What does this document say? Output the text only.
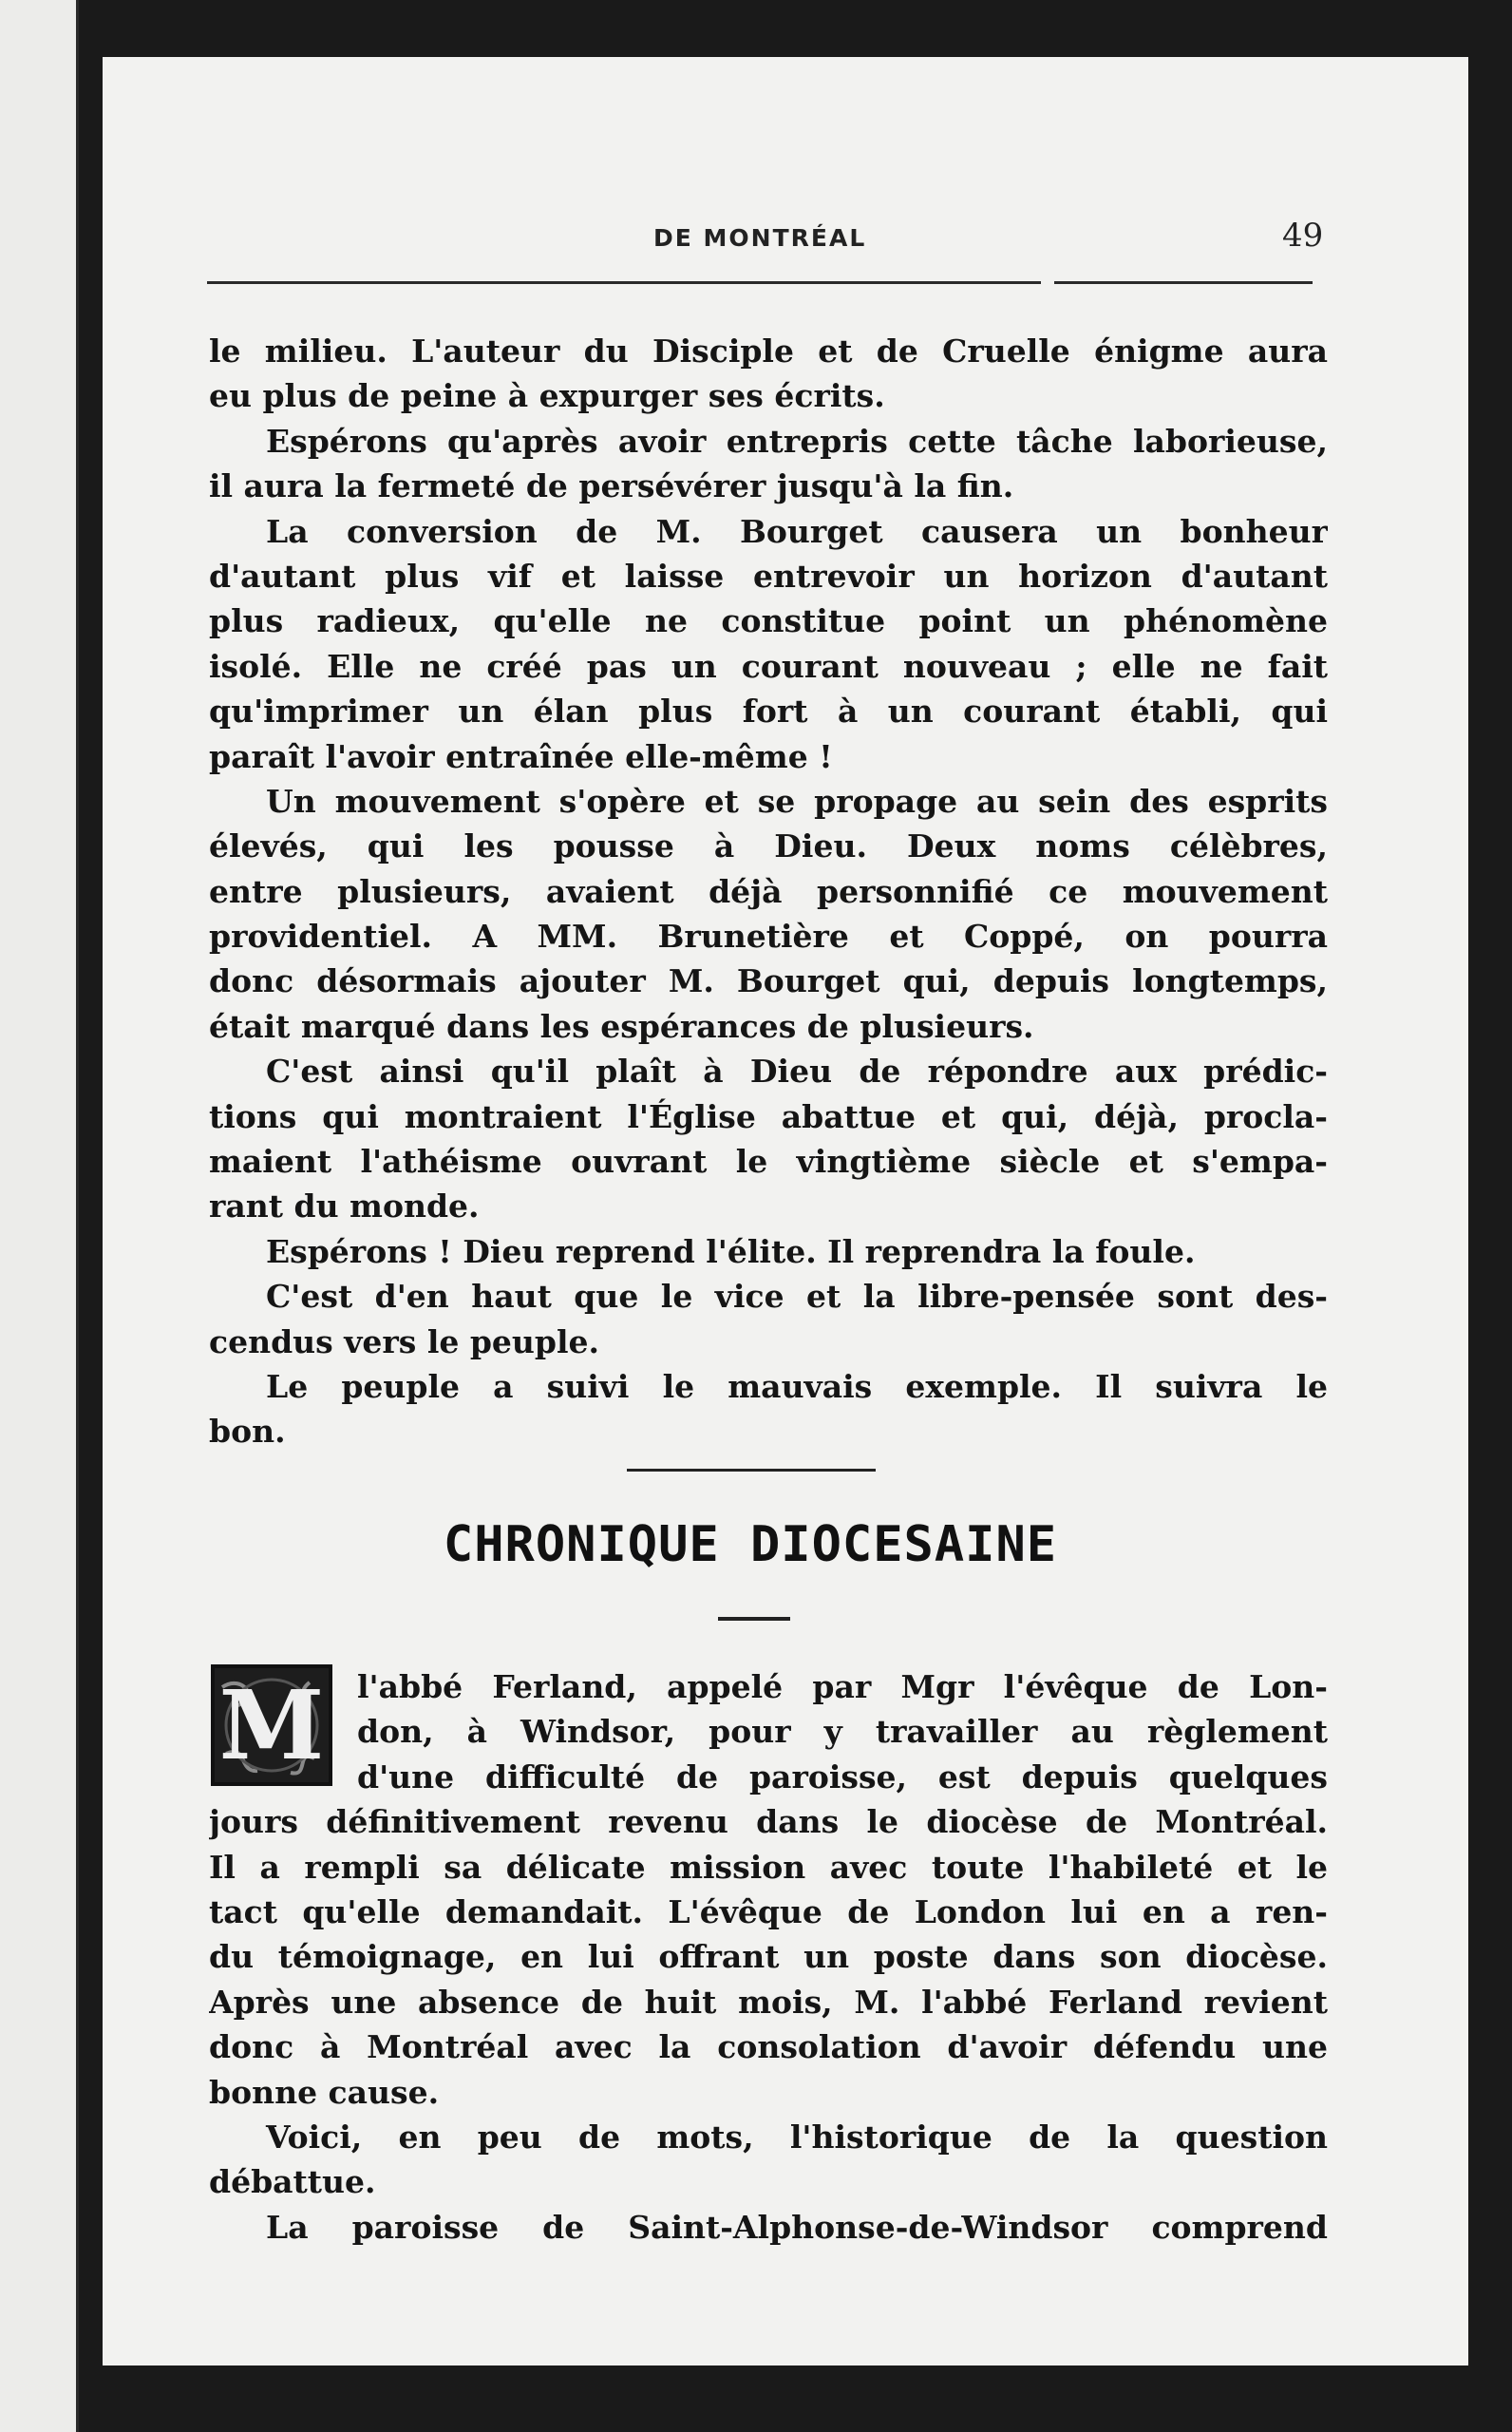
DE MONTRÉAL	49
le milieu. L'auteur du Disciple et de Cruelle énigme aura
eu plus de peine à expurger ses écrits.
Espérons qu'après avoir entrepris cette tâche laborieuse,
il aura la fermeté de persévérer jusqu'à la fin.
La conversion de M. Bourget causera un bonheur
d'autant plus vif et laisse entrevoir un horizon d'autant
plus radieux, qu'elle ne constitue point un phénomène
isolé. Elle ne créé pas un courant nouveau ; elle ne fait
qu'imprimer un élan plus fort à un courant établi, qui
paraît l'avoir entraînée elle-même !
Un mouvement s'opère et se propage au sein des esprits
élevés, qui les pousse à Dieu. Deux noms célèbres,
entre plusieurs, avaient déjà personnifié ce mouvement
providentiel. A MM. Brunetière et Coppé, on pourra
donc désormais ajouter M. Bourget qui, depuis longtemps,
était marqué dans les espérances de plusieurs.
C'est ainsi qu'il plaît à Dieu de répondre aux prédic-
tions qui montraient l'Église abattue et qui, déjà, procla-
maient l'athéisme ouvrant le vingtième siècle et s'empa-
rant du monde.
Espérons ! Dieu reprend l'élite. Il reprendra la foule.
C'est d'en haut que le vice et la libre-pensée sont des-
cendus vers le peuple.
Le peuple a suivi le mauvais exemple. Il suivra le
bon.
CHRONIQUE DIOCESAINE
M	l'abbé Ferland, appelé par Mgr l'évêque de Lon-
don, à Windsor, pour y travailler au règlement
d'une difficulté de paroisse, est depuis quelques
jours définitivement revenu dans le diocèse de Montréal.
Il a rempli sa délicate mission avec toute l'habileté et le
tact qu'elle demandait. L'évêque de London lui en a ren-
du témoignage, en lui offrant un poste dans son diocèse.
Après une absence de huit mois, M. l'abbé Ferland revient
donc à Montréal avec la consolation d'avoir défendu une
bonne cause.
Voici, en peu de mots, l'historique de la question
débattue.
La paroisse de Saint-Alphonse-de-Windsor comprend
